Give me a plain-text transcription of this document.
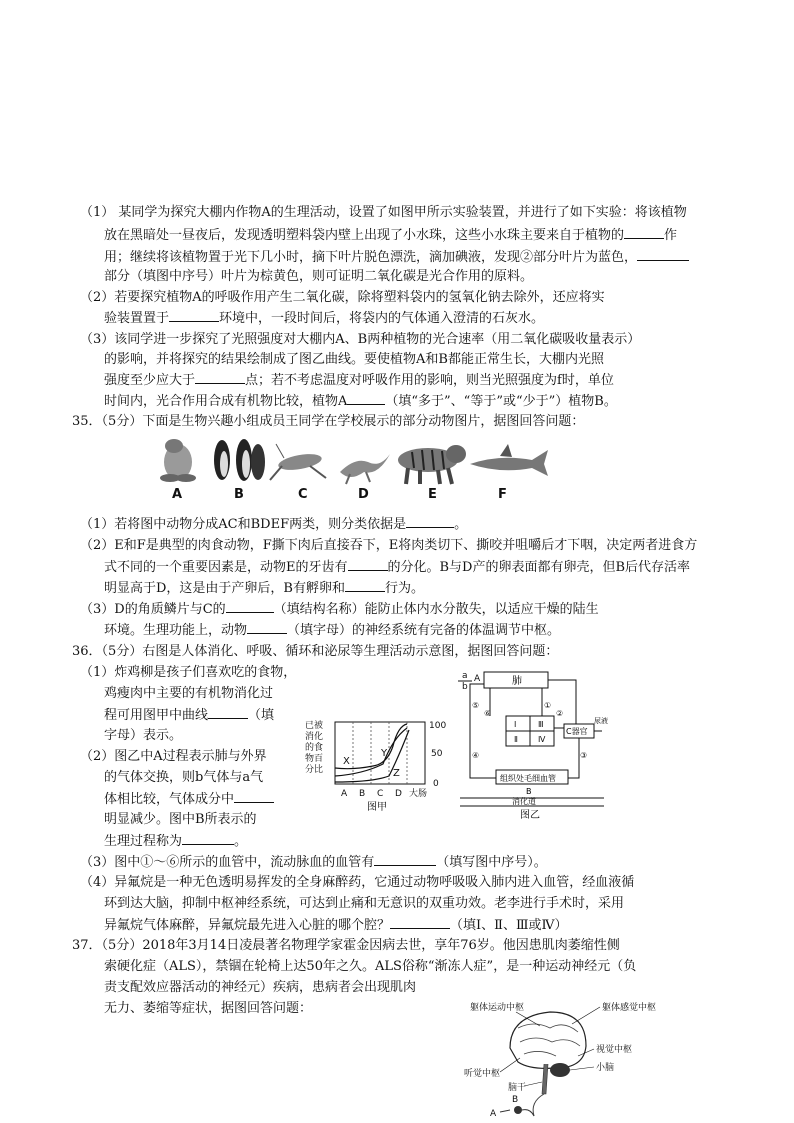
（1） 某同学为探究大棚内作物A的生理活动，设置了如图甲所示实验装置，并进行了如下实验：将该植物
放在黑暗处一昼夜后，发现透明塑料袋内壁上出现了小水珠，这些小水珠主要来自于植物的	作
用；继续将该植物置于光下几小时，摘下叶片脱色漂洗，滴加碘液，发现②部分叶片为蓝色，
部分（填图中序号）叶片为棕黄色，则可证明二氧化碳是光合作用的原料。
（2）若要探究植物A的呼吸作用产生二氧化碳，除将塑料袋内的氢氧化钠去除外，还应将实
验装置置于	环境中，一段时间后，将袋内的气体通入澄清的石灰水。
（3）该同学进一步探究了光照强度对大棚内A、B两种植物的光合速率（用二氧化碳吸收量表示）
的影响，并将探究的结果绘制成了图乙曲线。要使植物A和B都能正常生长，大棚内光照
强度至少应大于	点；若不考虑温度对呼吸作用的影响，则当光照强度为f时，单位
时间内，光合作用合成有机物比较，植物A	（填“多于”、“等于”或“少于”）植物B。
35．（5分）下面是生物兴趣小组成员王同学在学校展示的部分动物图片，据图回答问题：
A	B	C	D	E	F
（1）若将图中动物分成AC和BDEF两类，则分类依据是	。
（2）E和F是典型的肉食动物，F撕下肉后直接吞下，E将肉类切下、撕咬并咀嚼后才下咽，决定两者进食方
式不同的一个重要因素是，动物E的牙齿有	的分化。B与D产的卵表面都有卵壳，但B后代存活率
明显高于D，这是由于产卵后，B有孵卵和	行为。
（3）D的角质鳞片与C的	（填结构名称）能防止体内水分散失，以适应干燥的陆生
环境。生理功能上，动物	（填字母）的神经系统有完备的体温调节中枢。
36．（5分）右图是人体消化、呼吸、循环和泌尿等生理活动示意图，据图回答问题：
（1）炸鸡柳是孩子们喜欢吃的食物，
鸡瘦肉中主要的有机物消化过
程可用图甲中曲线	（填
字母）表示。
（2）图乙中A过程表示肺与外界
的气体交换，则b气体与a气
体相比较，气体成分中
明显减少。图中B所表示的
生理过程称为	。
已被
消化
的食
物百
分比
100
50
0
X
Y
Z
A B C D 大肠
图甲
a
b
A	肺
Ⅰ	Ⅲ
Ⅱ	Ⅳ
C器官
尿液
组织处毛细血管
B
消化道
图乙
⑤
⑥
①
②
④	③
（3）图中①～⑥所示的血管中，流动脉血的血管有	（填写图中序号）。
（4）异氟烷是一种无色透明易挥发的全身麻醉药，它通过动物呼吸吸入肺内进入血管，经血液循
环到达大脑，抑制中枢神经系统，可达到止痛和无意识的双重功效。老李进行手术时，采用
异氟烷气体麻醉，异氟烷最先进入心脏的哪个腔？	（填Ⅰ、Ⅱ、Ⅲ或Ⅳ）
37．（5分）2018年3月14日凌晨著名物理学家霍金因病去世，享年76岁。他因患肌肉萎缩性侧
索硬化症（ALS），禁锢在轮椅上达50年之久。ALS俗称“渐冻人症”，是一种运动神经元（负
责支配效应器活动的神经元）疾病，患病者会出现肌肉
无力、萎缩等症状，据图回答问题：	躯体运动中枢	躯体感觉中枢
视觉中枢
小脑
听觉中枢
脑干
A
B
